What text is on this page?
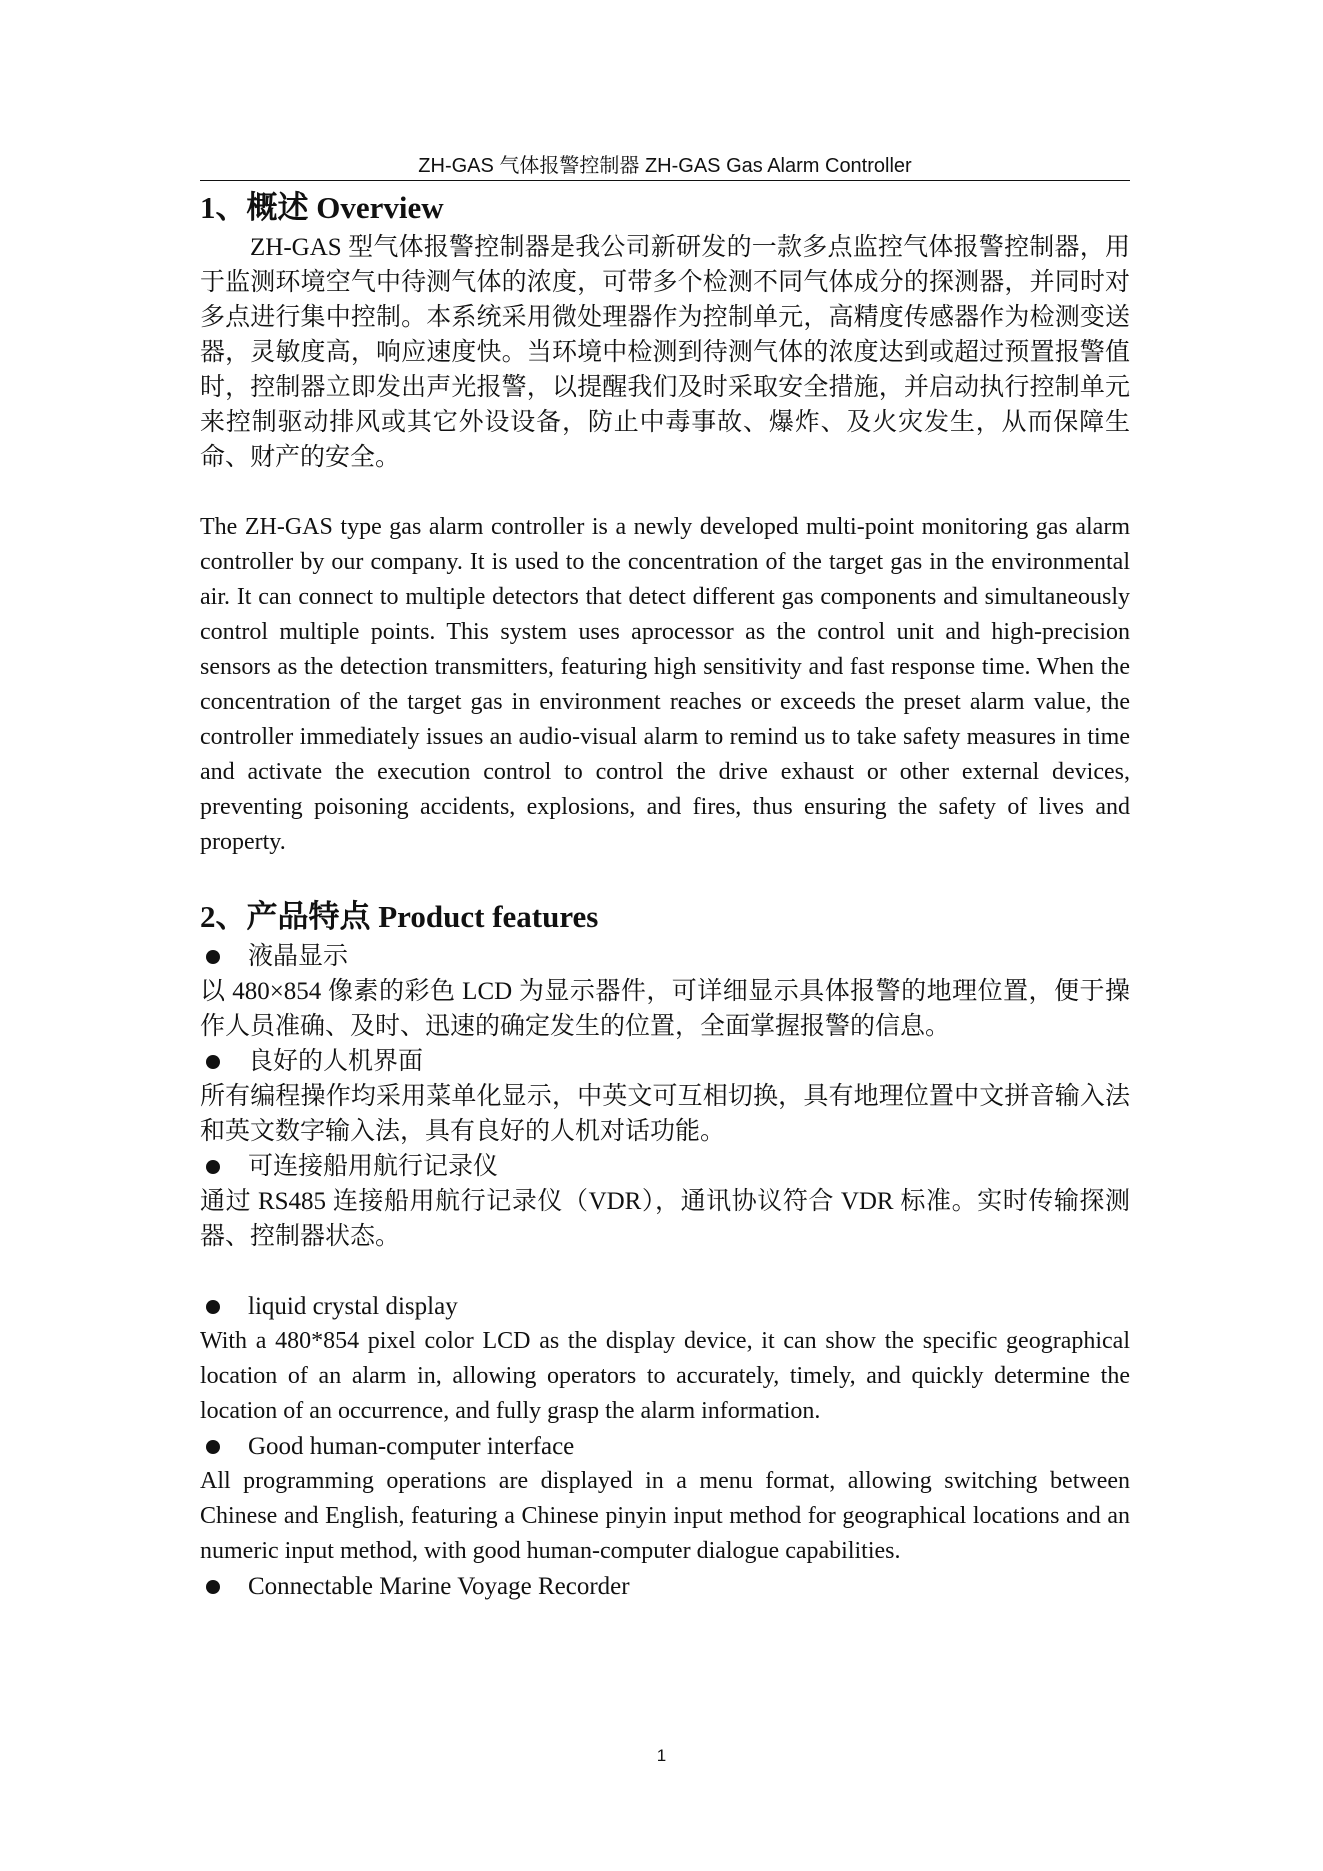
ZH-GAS 气体报警控制器 ZH-GAS Gas Alarm Controller
1、概述 Overview

ZH-GAS 型气体报警控制器是我公司新研发的一款多点监控气体报警控制器，用于监测环境空气中待测气体的浓度，可带多个检测不同气体成分的探测器，并同时对多点进行集中控制。本系统采用微处理器作为控制单元，高精度传感器作为检测变送器，灵敏度高，响应速度快。当环境中检测到待测气体的浓度达到或超过预置报警值时，控制器立即发出声光报警，以提醒我们及时采取安全措施，并启动执行控制单元来控制驱动排风或其它外设设备，防止中毒事故、爆炸、及火灾发生，从而保障生命、财产的安全。

The ZH-GAS type gas alarm controller is a newly developed multi-point monitoring gas alarm controller by our company. It is used to the concentration of the target gas in the environmental air. It can connect to multiple detectors that detect different gas components and simultaneously control multiple points. This system uses aprocessor as the control unit and high-precision sensors as the detection transmitters, featuring high sensitivity and fast response time. When the concentration of the target gas in environment reaches or exceeds the preset alarm value, the controller immediately issues an audio-visual alarm to remind us to take safety measures in time and activate the execution control to control the drive exhaust or other external devices, preventing poisoning accidents, explosions, and fires, thus ensuring the safety of lives and property.

2、产品特点 Product features
液晶显示

以 480×854 像素的彩色 LCD 为显示器件，可详细显示具体报警的地理位置，便于操作人员准确、及时、迅速的确定发生的位置，全面掌握报警的信息。

良好的人机界面

所有编程操作均采用菜单化显示，中英文可互相切换，具有地理位置中文拼音输入法和英文数字输入法，具有良好的人机对话功能。

可连接船用航行记录仪

通过 RS485 连接船用航行记录仪（VDR），通讯协议符合 VDR 标准。实时传输探测器、控制器状态。

liquid crystal display

With a 480*854 pixel color LCD as the display device, it can show the specific geographical location of an alarm in, allowing operators to accurately, timely, and quickly determine the location of an occurrence, and fully grasp the alarm information.

Good human-computer interface

All programming operations are displayed in a menu format, allowing switching between Chinese and English, featuring a Chinese pinyin input method for geographical locations and an numeric input method, with good human-computer dialogue capabilities.

Connectable Marine Voyage Recorder
1
